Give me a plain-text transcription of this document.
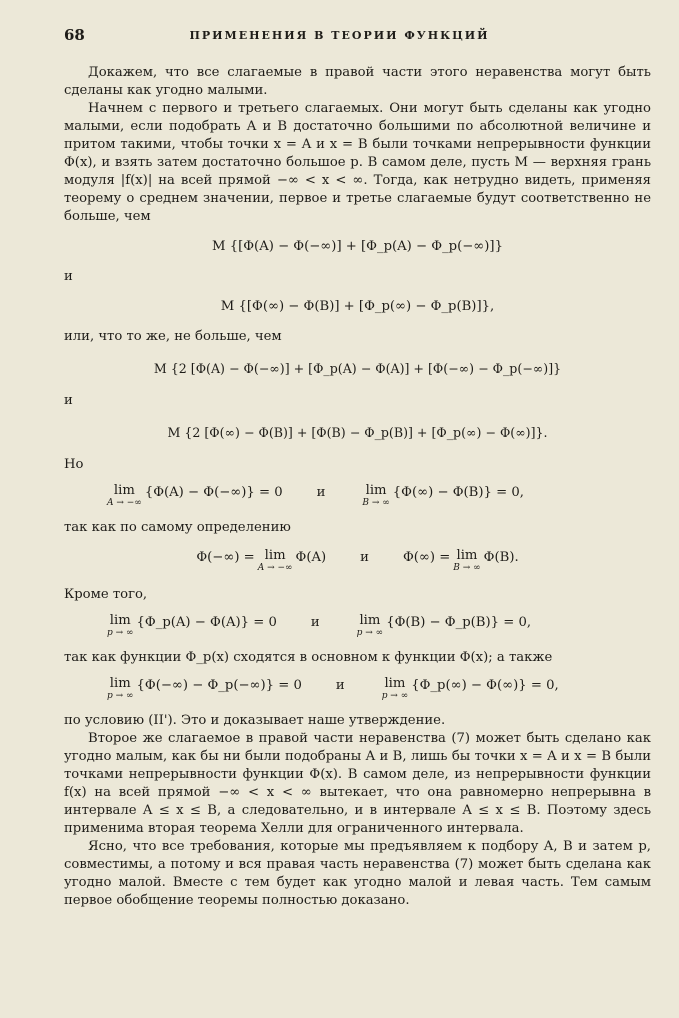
68	ПРИМЕНЕНИЯ В ТЕОРИИ ФУНКЦИЙ

Докажем, что все слагаемые в правой части этого неравенства могут быть сделаны как угодно малыми.

Начнем с первого и третьего слагаемых. Они могут быть сделаны как угодно малыми, если подобрать A и B достаточно большими по абсолютной величине и притом такими, чтобы точки x = A и x = B были точками непрерывности функции Φ(x), и взять затем достаточно большое p. В самом деле, пусть M — верхняя грань модуля |f(x)| на всей прямой −∞ < x < ∞. Тогда, как нетрудно видеть, применяя теорему о среднем значении, первое и третье слагаемые будут соответственно не больше, чем

M {[Φ(A) − Φ(−∞)] + [Φ_p(A) − Φ_p(−∞)]}
и
M {[Φ(∞) − Φ(B)] + [Φ_p(∞) − Φ_p(B)]},

или, что то же, не больше, чем

M {2 [Φ(A) − Φ(−∞)] + [Φ_p(A) − Φ(A)] + [Φ(−∞) − Φ_p(−∞)]}
и
M {2 [Φ(∞) − Φ(B)] + [Φ(B) − Φ_p(B)] + [Φ_p(∞) − Φ(∞)]}.
Но
lim
A → −∞
{Φ(A) − Φ(−∞)} = 0	и	lim
B → ∞
{Φ(∞) − Φ(B)} = 0,

так как по самому определению

Φ(−∞) = lim
A → −∞
Φ(A)	и	Φ(∞) = lim
B → ∞
Φ(B).

Кроме того,

lim
p → ∞
{Φ_p(A) − Φ(A)} = 0	и	lim
p → ∞
{Φ(B) − Φ_p(B)} = 0,

так как функции Φ_p(x) сходятся в основном к функции Φ(x); а также

lim
p → ∞
{Φ(−∞) − Φ_p(−∞)} = 0	и	lim
p → ∞
{Φ_p(∞) − Φ(∞)} = 0,

по условию (II'). Это и доказывает наше утверждение.

Второе же слагаемое в правой части неравенства (7) может быть сделано как угодно малым, как бы ни были подобраны A и B, лишь бы точки x = A и x = B были точками непрерывности функции Φ(x). В самом деле, из непрерывности функции f(x) на всей прямой −∞ < x < ∞ вытекает, что она равномерно непрерывна в интервале A ≤ x ≤ B, а следовательно, и в интервале A ≤ x ≤ B. Поэтому здесь применима вторая теорема Хелли для ограниченного интервала.

Ясно, что все требования, которые мы предъявляем к подбору A, B и затем p, совместимы, а потому и вся правая часть неравенства (7) может быть сделана как угодно малой. Вместе с тем будет как угодно малой и левая часть. Тем самым первое обобщение теоремы полностью доказано.
